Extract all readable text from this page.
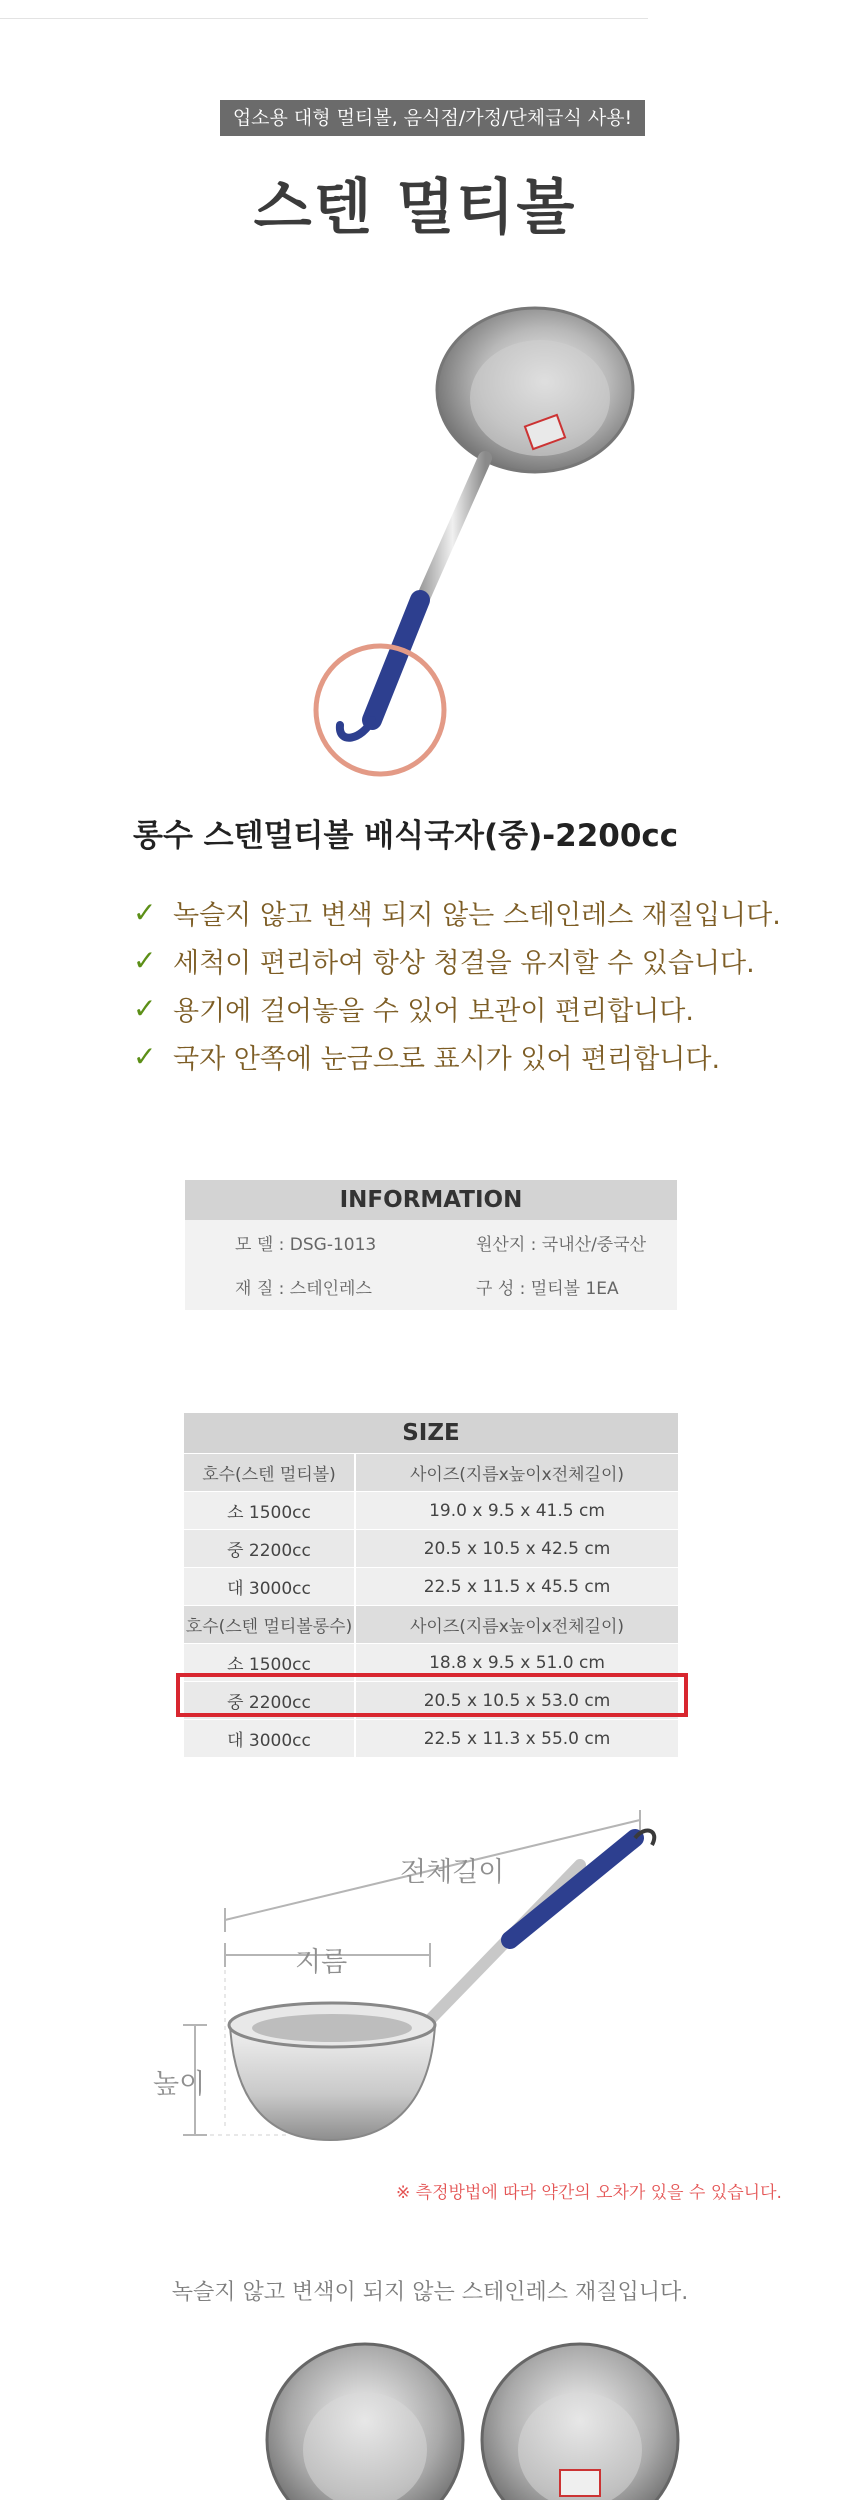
업소용 대형 멀티볼, 음식점/가정/단체급식 사용!
스텐 멀티볼
롱수 스텐멀티볼 배식국자(중)-2200cc
✓ 녹슬지 않고 변색 되지 않는 스테인레스 재질입니다.
✓ 세척이 편리하여 항상 청결을 유지할 수 있습니다.
✓ 용기에 걸어놓을 수 있어 보관이 편리합니다.
✓ 국자 안쪽에 눈금으로 표시가 있어 편리합니다.
INFORMATION
모 델 : DSG-1013	원산지 : 국내산/중국산
재 질 : 스테인레스	구 성 : 멀티볼 1EA
SIZE
호수(스텐 멀티볼)	사이즈(지름x높이x전체길이)
소 1500cc	19.0 x 9.5 x 41.5 cm
중 2200cc	20.5 x 10.5 x 42.5 cm
대 3000cc	22.5 x 11.5 x 45.5 cm
호수(스텐 멀티볼롱수)	사이즈(지름x높이x전체길이)
소 1500cc	18.8 x 9.5 x 51.0 cm
중 2200cc	20.5 x 10.5 x 53.0 cm
대 3000cc	22.5 x 11.3 x 55.0 cm
전체길이
지름
높이
※ 측정방법에 따라 약간의 오차가 있을 수 있습니다.
녹슬지 않고 변색이 되지 않는 스테인레스 재질입니다.
